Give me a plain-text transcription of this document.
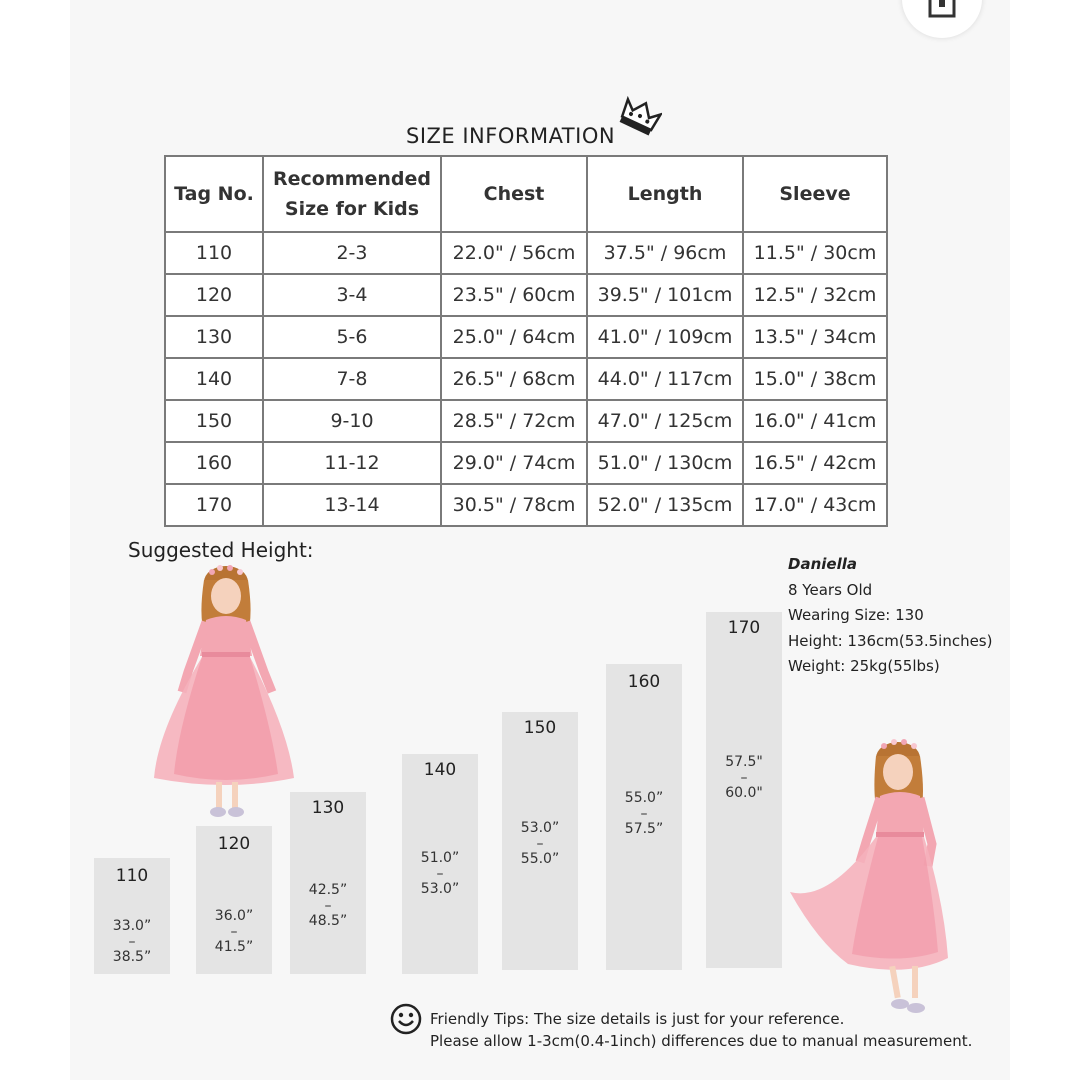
SIZE INFORMATION
Tag No.	Recommended Size for Kids	Chest	Length	Sleeve
110	2-3	22.0" / 56cm	37.5" / 96cm	11.5" / 30cm
120	3-4	23.5" / 60cm	39.5" / 101cm	12.5" / 32cm
130	5-6	25.0" / 64cm	41.0" / 109cm	13.5" / 34cm
140	7-8	26.5" / 68cm	44.0" / 117cm	15.0" / 38cm
150	9-10	28.5" / 72cm	47.0" / 125cm	16.0" / 41cm
160	11-12	29.0" / 74cm	51.0" / 130cm	16.5" / 42cm
170	13-14	30.5" / 78cm	52.0" / 135cm	17.0" / 43cm
Suggested Height:
110
33.0”
–
38.5”
120
36.0”
–
41.5”
130
42.5”
–
48.5”
140
51.0”
–
53.0”
150
53.0”
–
55.0”
160
55.0”
–
57.5”
170
57.5"
–
60.0"
Daniella
8 Years Old
Wearing Size: 130
Height: 136cm(53.5inches)
Weight: 25kg(55lbs)
Friendly Tips: The size details is just for your reference.
Please allow 1-3cm(0.4-1inch) differences due to manual measurement.
